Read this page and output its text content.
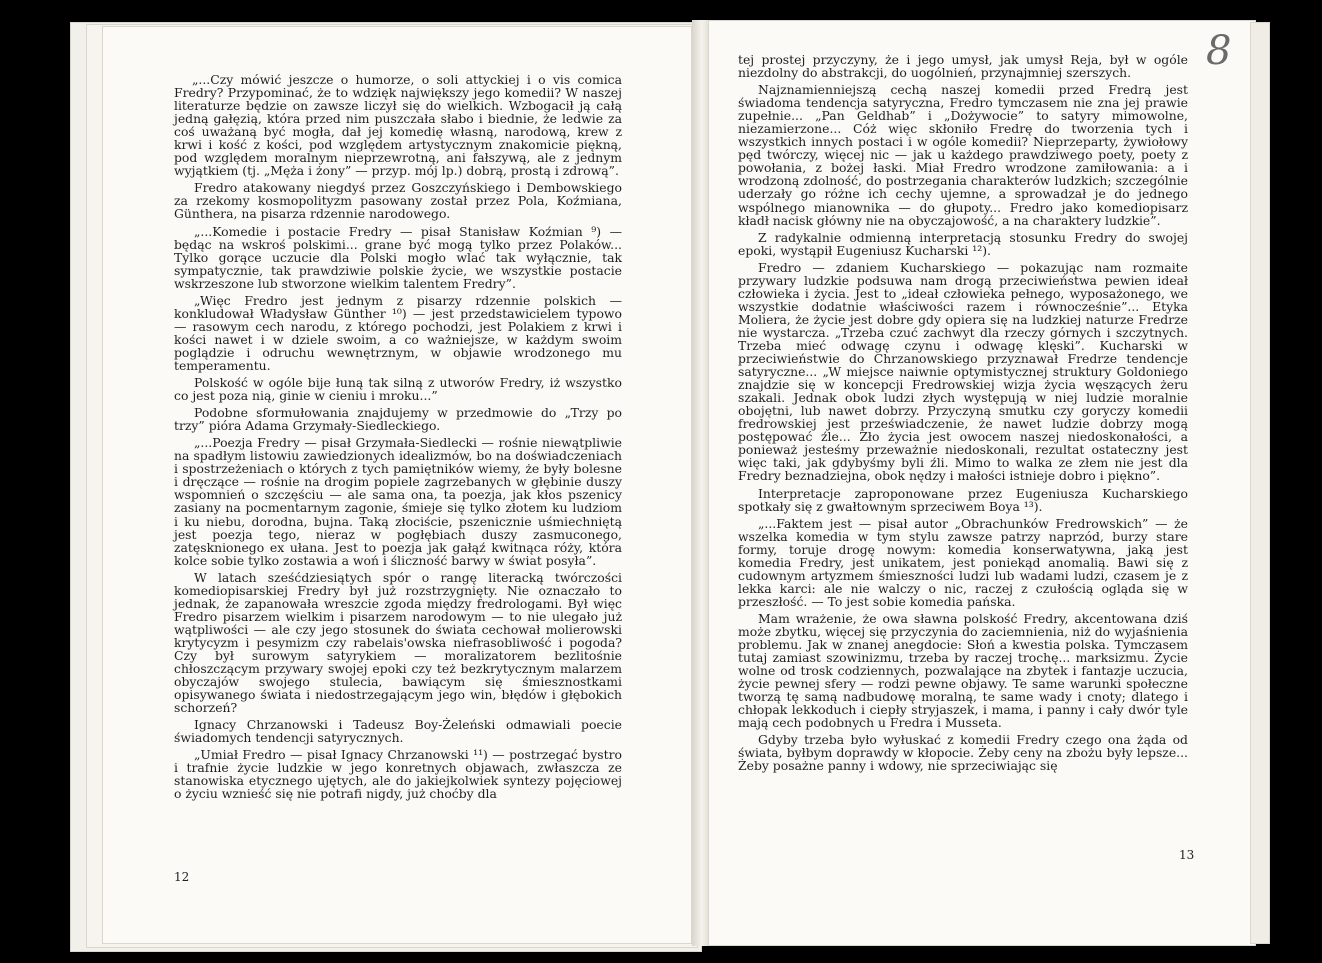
„...Czy mówić jeszcze o humorze, o soli attyckiej i o vis comica Fredry? Przypominać, że to wdzięk największy jego komedii? W naszej literaturze będzie on zawsze liczył się do wielkich. Wzbogacił ją całą jedną gałęzią, która przed nim puszczała słabo i biednie, że ledwie za coś uważaną być mogła, dał jej komedię własną, narodową, krew z krwi i kość z kości, pod względem artystycznym znakomicie piękną, pod względem moralnym nieprzewrotną, ani fałszywą, ale z jednym wyjątkiem (tj. „Męża i żony” — przyp. mój lp.) dobrą, prostą i zdrową”.

Fredro atakowany niegdyś przez Goszczyńskiego i Dembowskiego za rzekomy kosmopolityzm pasowany został przez Pola, Koźmiana, Günthera, na pisarza rdzennie narodowego.

„...Komedie i postacie Fredry — pisał Stanisław Koźmian ⁹) — będąc na wskroś polskimi... grane być mogą tylko przez Polaków... Tylko gorące uczucie dla Polski mogło wlać tak wyłącznie, tak sympatycznie, tak prawdziwie polskie życie, we wszystkie postacie wskrzeszone lub stworzone wielkim talentem Fredry”.

„Więc Fredro jest jednym z pisarzy rdzennie polskich — konkludował Władysław Günther ¹⁰) — jest przedstawicielem typowo — rasowym cech narodu, z którego pochodzi, jest Polakiem z krwi i kości nawet i w dziele swoim, a co ważniejsze, w każdym swoim poglądzie i odruchu wewnętrznym, w objawie wrodzonego mu temperamentu.

Polskość w ogóle bije łuną tak silną z utworów Fredry, iż wszystko co jest poza nią, ginie w cieniu i mroku...”

Podobne sformułowania znajdujemy w przedmowie do „Trzy po trzy” pióra Adama Grzymały-Siedleckiego.

„...Poezja Fredry — pisał Grzymała-Siedlecki — rośnie niewątpliwie na spadłym listowiu zawiedzionych idealizmów, bo na doświadczeniach i spostrzeżeniach o których z tych pamiętników wiemy, że były bolesne i dręczące — rośnie na drogim popiele zagrzebanych w głębinie duszy wspomnień o szczęściu — ale sama ona, ta poezja, jak kłos pszenicy zasiany na pocmentarnym zagonie, śmieje się tylko złotem ku ludziom i ku niebu, dorodna, bujna. Taką złociście, pszenicznie uśmiechniętą jest poezja tego, nieraz w pogłębiach duszy zasmuconego, zatęsknionego ex ułana. Jest to poezja jak gałąź kwitnąca róży, która kolce sobie tylko zostawia a woń i śliczność barwy w świat posyła”.

W latach sześćdziesiątych spór o rangę literacką twórczości komediopisarskiej Fredry był już rozstrzygnięty. Nie oznaczało to jednak, że zapanowała wreszcie zgoda między fredrologami. Był więc Fredro pisarzem wielkim i pisarzem narodowym — to nie ulegało już wątpliwości — ale czy jego stosunek do świata cechował molierowski krytycyzm i pesymizm czy rabelais'owska niefrasobliwość i pogoda? Czy był surowym satyrykiem — moralizatorem bezlitośnie chłoszczącym przywary swojej epoki czy też bezkrytycznym malarzem obyczajów swojego stulecia, bawiącym się śmiesznostkami opisywanego świata i niedostrzegającym jego win, błędów i głębokich schorzeń?

Ignacy Chrzanowski i Tadeusz Boy-Żeleński odmawiali poecie świadomych tendencji satyrycznych.

„Umiał Fredro — pisał Ignacy Chrzanowski ¹¹) — postrzegać bystro i trafnie życie ludzkie w jego konretnych objawach, zwłaszcza ze stanowiska etycznego ujętych, ale do jakiejkolwiek syntezy pojęciowej o życiu wznieść się nie potrafi nigdy, już choćby dla

12

tej prostej przyczyny, że i jego umysł, jak umysł Reja, był w ogóle niezdolny do abstrakcji, do uogólnień, przynajmniej szerszych.

Najznamienniejszą cechą naszej komedii przed Fredrą jest świadoma tendencja satyryczna, Fredro tymczasem nie zna jej prawie zupełnie... „Pan Geldhab” i „Dożywocie” to satyry mimowolne, niezamierzone... Cóż więc skłoniło Fredrę do tworzenia tych i wszystkich innych postaci i w ogóle komedii? Nieprzeparty, żywiołowy pęd twórczy, więcej nic — jak u każdego prawdziwego poety, poety z powołania, z bożej łaski. Miał Fredro wrodzone zamiłowania: a i wrodzoną zdolność, do postrzegania charakterów ludzkich; szczególnie uderzały go różne ich cechy ujemne, a sprowadzał je do jednego wspólnego mianownika — do głupoty... Fredro jako komediopisarz kładł nacisk główny nie na obyczajowość, a na charaktery ludzkie”.

Z radykalnie odmienną interpretacją stosunku Fredry do swojej epoki, wystąpił Eugeniusz Kucharski ¹²).

Fredro — zdaniem Kucharskiego — pokazując nam rozmaite przywary ludzkie podsuwa nam drogą przeciwieństwa pewien ideał człowieka i życia. Jest to „ideał człowieka pełnego, wyposażonego, we wszystkie dodatnie właściwości razem i równocześnie”... Etyka Moliera, że życie jest dobre gdy opiera się na ludzkiej naturze Fredrze nie wystarcza. „Trzeba czuć zachwyt dla rzeczy górnych i szczytnych. Trzeba mieć odwagę czynu i odwagę klęski”. Kucharski w przeciwieństwie do Chrzanowskiego przyznawał Fredrze tendencje satyryczne... „W miejsce naiwnie optymistycznej struktury Goldoniego znajdzie się w koncepcji Fredrowskiej wizja życia węszących żeru szakali. Jednak obok ludzi złych występują w niej ludzie moralnie obojętni, lub nawet dobrzy. Przyczyną smutku czy goryczy komedii fredrowskiej jest przeświadczenie, że nawet ludzie dobrzy mogą postępować źle... Zło życia jest owocem naszej niedoskonałości, a ponieważ jesteśmy przeważnie niedoskonali, rezultat ostateczny jest więc taki, jak gdybyśmy byli źli. Mimo to walka ze złem nie jest dla Fredry beznadziejna, obok nędzy i małości istnieje dobro i piękno”.

Interpretacje zaproponowane przez Eugeniusza Kucharskiego spotkały się z gwałtownym sprzeciwem Boya ¹³).

„...Faktem jest — pisał autor „Obrachunków Fredrowskich” — że wszelka komedia w tym stylu zawsze patrzy naprzód, burzy stare formy, toruje drogę nowym: komedia konserwatywna, jaką jest komedia Fredry, jest unikatem, jest poniekąd anomalią. Bawi się z cudownym artyzmem śmieszności ludzi lub wadami ludzi, czasem je z lekka karci: ale nie walczy o nic, raczej z czułością ogląda się w przeszłość. — To jest sobie komedia pańska.

Mam wrażenie, że owa sławna polskość Fredry, akcentowana dziś może zbytku, więcej się przyczynia do zaciemnienia, niż do wyjaśnienia problemu. Jak w znanej anegdocie: Słoń a kwestia polska. Tymczasem tutaj zamiast szowinizmu, trzeba by raczej trochę... marksizmu. Życie wolne od trosk codziennych, pozwalające na zbytek i fantazje uczucia, życie pewnej sfery — rodzi pewne objawy. Te same warunki społeczne tworzą tę samą nadbudowę moralną, te same wady i cnoty; dlatego i chłopak lekkoduch i ciepły stryjaszek, i mama, i panny i cały dwór tyle mają cech podobnych u Fredra i Musseta.

Gdyby trzeba było wyłuskać z komedii Fredry czego ona żąda od świata, byłbym doprawdy w kłopocie. Żeby ceny na zbożu były lepsze... Żeby posażne panny i wdowy, nie sprzeciwiając się

13
8
